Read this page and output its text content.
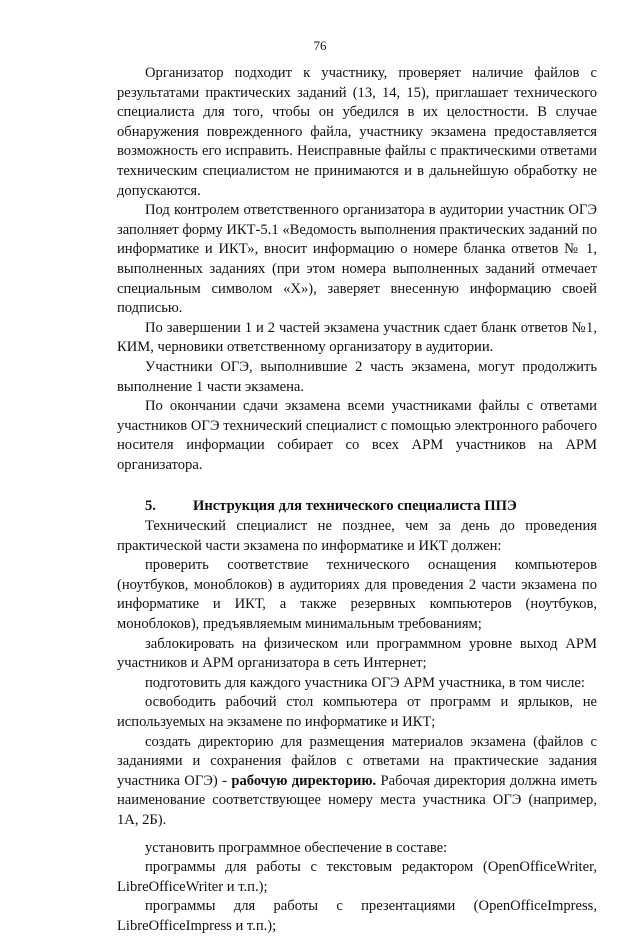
76

Организатор подходит к участнику, проверяет наличие файлов с результатами практических заданий (13, 14, 15), приглашает технического специалиста для того, чтобы он убедился в их целостности. В случае обнаружения поврежденного файла, участнику экзамена предоставляется возможность его исправить. Неисправные файлы с практическими ответами техническим специалистом не принимаются и в дальнейшую обработку не допускаются.

Под контролем ответственного организатора в аудитории участник ОГЭ заполняет форму ИКТ-5.1 «Ведомость выполнения практических заданий по информатике и ИКТ», вносит информацию о номере бланка ответов № 1, выполненных заданиях (при этом номера выполненных заданий отмечает специальным символом «X»), заверяет внесенную информацию своей подписью.

По завершении 1 и 2 частей экзамена участник сдает бланк ответов №1, КИМ, черновики ответственному организатору в аудитории.

Участники ОГЭ, выполнившие 2 часть экзамена, могут продолжить выполнение 1 части экзамена.

По окончании сдачи экзамена всеми участниками файлы с ответами участников ОГЭ технический специалист с помощью электронного рабочего носителя информации собирает со всех АРМ участников на АРМ организатора.

5.	Инструкция для технического специалиста ППЭ

Технический специалист не позднее, чем за день до проведения практической части экзамена по информатике и ИКТ должен:

проверить соответствие технического оснащения компьютеров (ноутбуков, моноблоков) в аудиториях для проведения 2 части экзамена по информатике и ИКТ, а также резервных компьютеров (ноутбуков, моноблоков), предъявляемым минимальным требованиям;

заблокировать на физическом или программном уровне выход АРМ участников и АРМ организатора в сеть Интернет;

подготовить для каждого участника ОГЭ АРМ участника, в том числе:

освободить рабочий стол компьютера от программ и ярлыков, не используемых на экзамене по информатике и ИКТ;

создать директорию для размещения материалов экзамена (файлов с заданиями и сохранения файлов с ответами на практические задания участника ОГЭ) - рабочую директорию. Рабочая директория должна иметь наименование соответствующее номеру места участника ОГЭ (например, 1А, 2Б).

установить программное обеспечение в составе:

программы для работы с текстовым редактором (OpenOfficeWriter, LibreOfficeWriter и т.п.);

программы для работы с презентациями (OpenOfficeImpress, LibreOfficeImpress и т.п.);
